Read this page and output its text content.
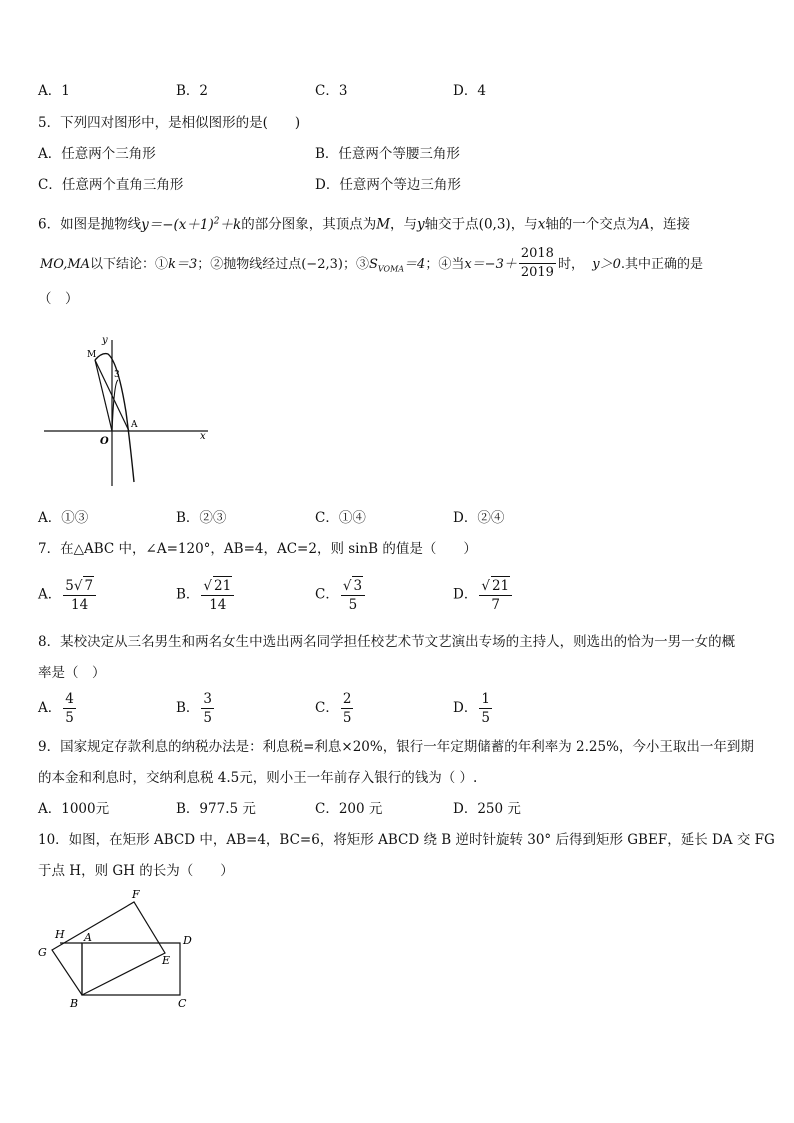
A．1	B．2	C．3	D．4
5．下列四对图形中，是相似图形的是(　　)
A．任意两个三角形	B．任意两个等腰三角形
C．任意两个直角三角形	D．任意两个等边三角形
6．如图是抛物线$y=-(x+1)^2+k$的部分图象，其顶点为M，与y轴交于点(0,3)，与x轴的一个交点为A，连接
MO,MA以下结论：①k＝3；②抛物线经过点(−2,3)；$③S_{VOMA}=4$；④当$x=-3+ \frac{2018}{2019}$ 时， y＞0.其中正确的是
（　）
x
y
M
3
A
O
A．①③	B．②③	C．①④	D．②④
7．在△ABC 中，∠A=120°，AB=4，AC=2，则 sinB 的值是（　　）
A． $\frac{5√ 7}{14}$	B． $\frac{√ 21}{14}$	C． $\frac{√ 3}{5}$	D． $\frac{√ 21}{7}$
8．某校决定从三名男生和两名女生中选出两名同学担任校艺术节文艺演出专场的主持人，则选出的恰为一男一女的概
率是（　）
A． $\frac{4}{5}$	B． $\frac{3}{5}$	C． $\frac{2}{5}$	D． $\frac{1}{5}$
9．国家规定存款利息的纳税办法是：利息税=利息×20%，银行一年定期储蓄的年利率为 2.25%，今小王取出一年到期
的本金和利息时，交纳利息税 4.5元，则小王一年前存入银行的钱为（ ）.
A．1000元	B．977.5 元	C．200 元	D．250 元
10．如图，在矩形 ABCD 中，AB=4，BC=6，将矩形 ABCD 绕 B 逆时针旋转 30° 后得到矩形 GBEF，延长 DA 交 FG
于点 H，则 GH 的长为（　　）
F
H A	D
G
E
B	C
